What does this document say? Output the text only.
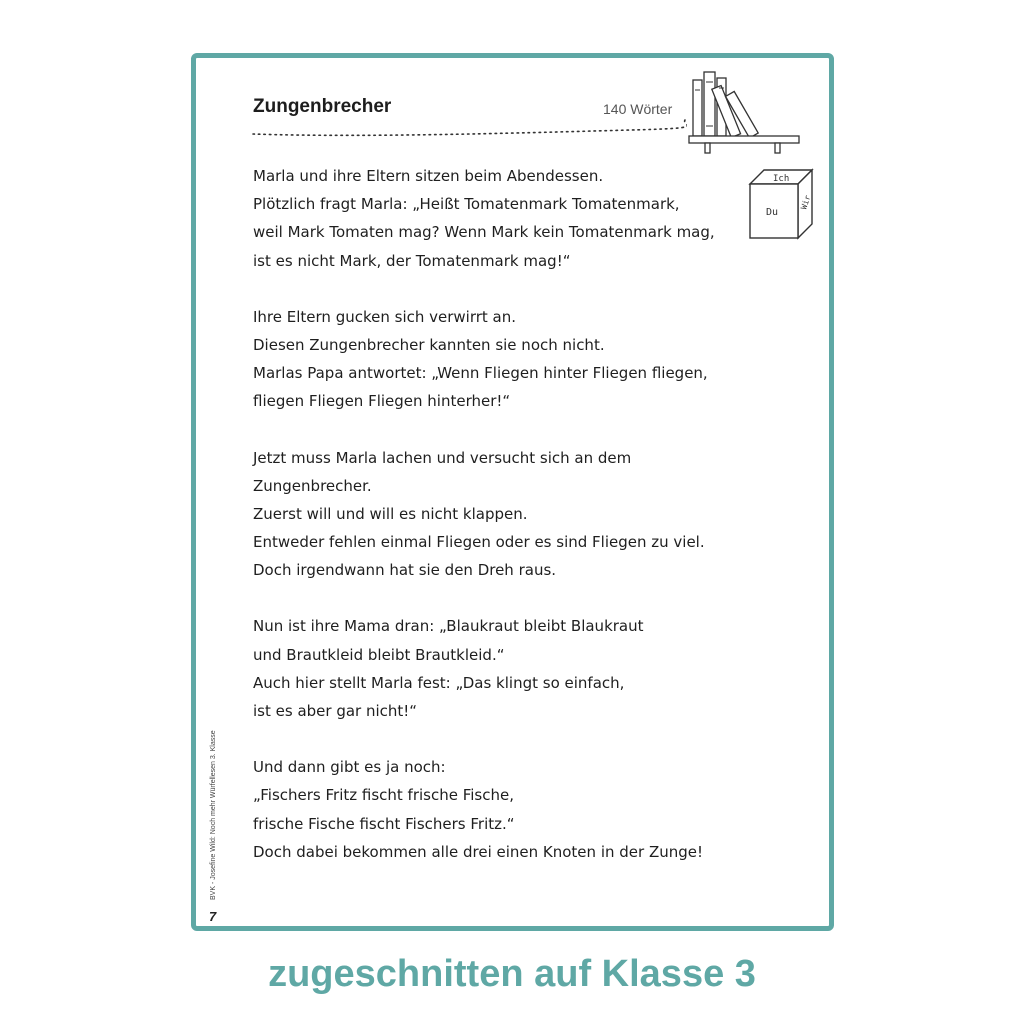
Zungenbrecher	140 Wörter
Ich
Du
Wir
Marla und ihre Eltern sitzen beim Abendessen.
Plötzlich fragt Marla: „Heißt Tomatenmark Tomatenmark,
weil Mark Tomaten mag? Wenn Mark kein Tomatenmark mag,
ist es nicht Mark, der Tomatenmark mag!“
Ihre Eltern gucken sich verwirrt an.
Diesen Zungenbrecher kannten sie noch nicht.
Marlas Papa antwortet: „Wenn Fliegen hinter Fliegen fliegen,
fliegen Fliegen Fliegen hinterher!“
Jetzt muss Marla lachen und versucht sich an dem
Zungenbrecher.
Zuerst will und will es nicht klappen.
Entweder fehlen einmal Fliegen oder es sind Fliegen zu viel.
Doch irgendwann hat sie den Dreh raus.
Nun ist ihre Mama dran: „Blaukraut bleibt Blaukraut
und Brautkleid bleibt Brautkleid.“
Auch hier stellt Marla fest: „Das klingt so einfach,
ist es aber gar nicht!“
Und dann gibt es ja noch:
„Fischers Fritz fischt frische Fische,
frische Fische fischt Fischers Fritz.“
Doch dabei bekommen alle drei einen Knoten in der Zunge!
BVK - Josefine Wild: Noch mehr Würfellesen 3. Klasse
7
zugeschnitten auf Klasse 3
